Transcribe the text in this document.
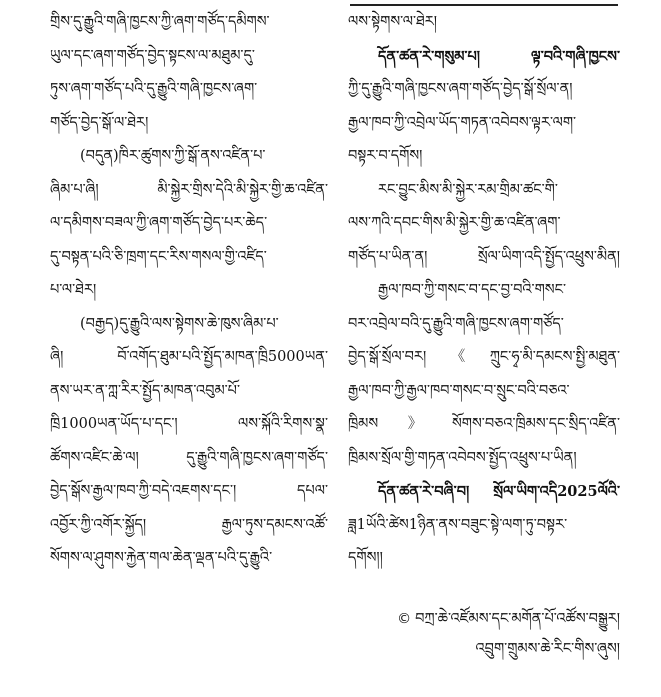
གྲིས་དུ་རྒྱུའི་གཞི་ཁྱངས་ཀྱི་ཞག་གཙོད་དམིགས་
ཡུལ་དང་ཞག་གཙོད་བྱེད་སྟངས་ལ་མཐུམ་དུ་
ཏུས་ཞག་གཙོད་པའི་དུ་རྒྱུའི་གཞི་ཁྱངས་ཞག་
གཙོད་བྱེད་སྒོ་ལ་ཐེར།
(བདུན)ཁིར་ཚུགས་ཀྱི་སྒོ་ནས་འཛིན་པ་
ཞིམ་པ་ཞི། མི་སྐྱེར་གྲིས་དེའི་མི་སྐྱེར་གྱི་ཆ་འཛིན་
ལ་དམིགས་བཟལ་ཀྱི་ཞག་གཙོད་བྱེད་པར་ཆེད་
དུ་བསྟན་པའི་ཅི་ཁྲག་དང་རིས་གསལ་གྱི་འཛིད་
པ་ལ་ཐེར།
(བརྒྱད)དུ་རྒྱུའི་ལས་སྟེགས་ཆེ་ཁུས་ཞིམ་པ་
ཞི། བོ་འགོད་ཐུམ་པའི་སྤྱོད་མཁན་ཁྲི5000ཡན་
ནས་ཡར་ན་ཀླ་རིར་སྤྱོད་མཁན་འབུམ་པོ་
ཁྲི1000ཡན་ཡོད་པ་དང་། ལས་སྐོའི་རིགས་སྣ་
ཚོགས་འཛིང་ཆེ་ལ། དུ་རྒྱུའི་གཞི་ཁྱངས་ཞག་གཙོད་
བྱེད་སྒོས་རྒྱལ་ཁབ་ཀྱི་བདེ་འཇགས་དང་། དཔལ་
འབྱོར་ཀྱི་འགོར་སྐྱོད། རྒྱལ་ཏུས་དམངས་འཚོ་
སོགས་ལ་ཤུགས་རྐྱེན་གལ་ཆེན་ལྡན་པའི་དུ་རྒྱུའི་
ལས་སྟེགས་ལ་ཐེར།
དོན་ཚན་རེ་གསུམ་པ། ལྟ་བའི་གཞི་ཁྱངས་
ཀྱི་དུ་རྒྱུའི་གཞི་ཁྱངས་ཞག་གཙོད་བྱེད་སྒོ་སྲོལ་ན།
རྒྱལ་ཁབ་ཀྱི་འབྲེལ་ཡོད་གཏན་འབེབས་ལྟར་ལག་
བསྟར་བ་དགོས།
རང་བྱུང་མིས་མི་སྐྱེར་རམ་གྲིམ་ཚང་གི་
ལས་ཀའི་དབང་གིས་མི་སྐྱེར་གྱི་ཆ་འཛིན་ཞག་
གཙོད་པ་ཡིན་ན། སྲོལ་ཡིག་འདི་སྤྱོད་འཕྲུས་མིན།
རྒྱལ་ཁབ་ཀྱི་གསང་བ་དང་བྱ་བའི་གསང་
བར་འབྲེལ་བའི་དུ་རྒྱུའི་གཞི་ཁྱངས་ཞག་གཙོད་
བྱེད་སྒོ་སྲོལ་བར།《ཀྲུང་ཧྭ་མི་དམངས་སྤྱི་མཐུན་
རྒྱལ་ཁབ་ཀྱི་རྒྱལ་ཁབ་གསང་བ་སྲུང་བའི་བཅའ་
ཁྲིམས》སོགས་བཅའ་ཁྲིམས་དང་སྲིད་འཛིན་
ཁྲིམས་སྲོལ་གྱི་གཏན་འབེབས་སྤྱོད་འཕྲུས་པ་ཡིན།
དོན་ཚན་རེ་བཞི་བ། སྲོལ་ཡིག་འདི2025ལོའི་
ཟླ1ཡོའི་ཚེས1ཉིན་ནས་བཟུང་སྟེ་ལག་ཏུ་བསྟར་
དགོས།།
© བཀྲ་ཆེ་འཛོམས་དང་མགོན་པོ་འཚོས་བསྒྱུར།
འབྲུག་གྲུམས་ཆེ་རིང་གིས་ཞུས།
